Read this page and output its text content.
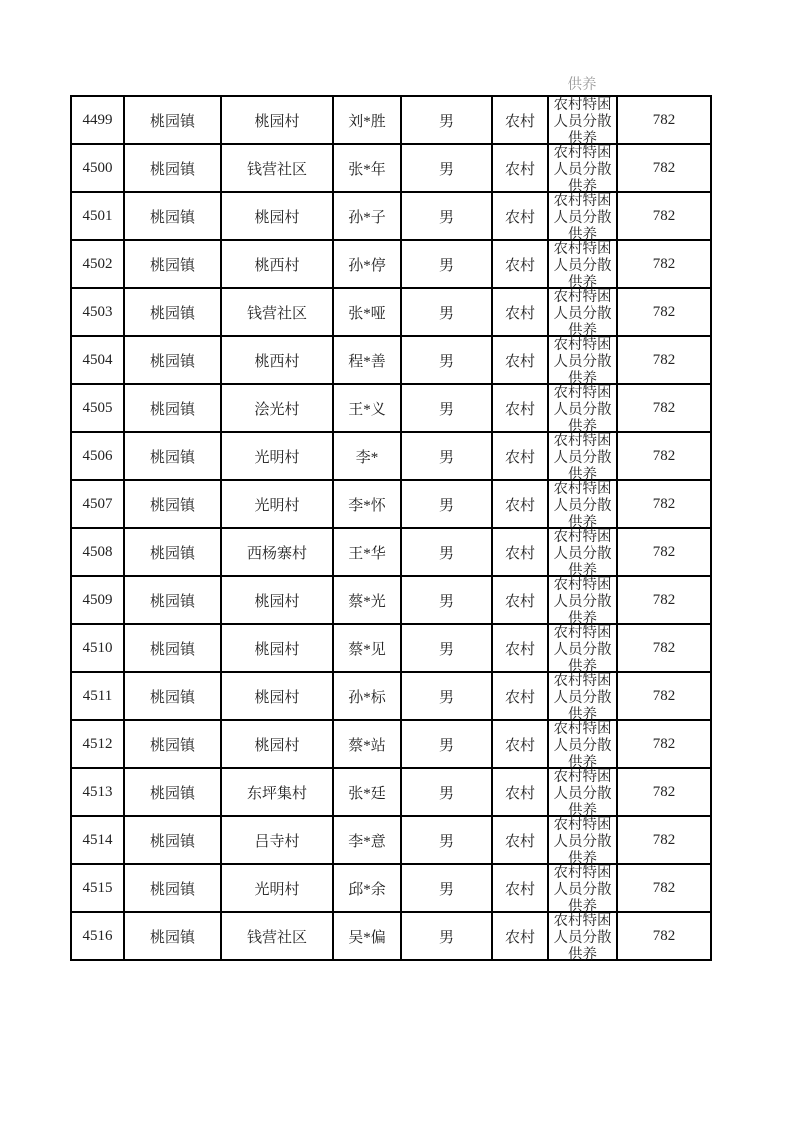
供养
4499	桃园镇	桃园村	刘*胜	男	农村	农村特困人员分散供养	782
4500	桃园镇	钱营社区	张*年	男	农村	农村特困人员分散供养	782
4501	桃园镇	桃园村	孙*子	男	农村	农村特困人员分散供养	782
4502	桃园镇	桃西村	孙*停	男	农村	农村特困人员分散供养	782
4503	桃园镇	钱营社区	张*哑	男	农村	农村特困人员分散供养	782
4504	桃园镇	桃西村	程*善	男	农村	农村特困人员分散供养	782
4505	桃园镇	浍光村	王*义	男	农村	农村特困人员分散供养	782
4506	桃园镇	光明村	李*	男	农村	农村特困人员分散供养	782
4507	桃园镇	光明村	李*怀	男	农村	农村特困人员分散供养	782
4508	桃园镇	西杨寨村	王*华	男	农村	农村特困人员分散供养	782
4509	桃园镇	桃园村	蔡*光	男	农村	农村特困人员分散供养	782
4510	桃园镇	桃园村	蔡*见	男	农村	农村特困人员分散供养	782
4511	桃园镇	桃园村	孙*标	男	农村	农村特困人员分散供养	782
4512	桃园镇	桃园村	蔡*站	男	农村	农村特困人员分散供养	782
4513	桃园镇	东坪集村	张*廷	男	农村	农村特困人员分散供养	782
4514	桃园镇	吕寺村	李*意	男	农村	农村特困人员分散供养	782
4515	桃园镇	光明村	邱*余	男	农村	农村特困人员分散供养	782
4516	桃园镇	钱营社区	吴*偏	男	农村	农村特困人员分散供养	782
